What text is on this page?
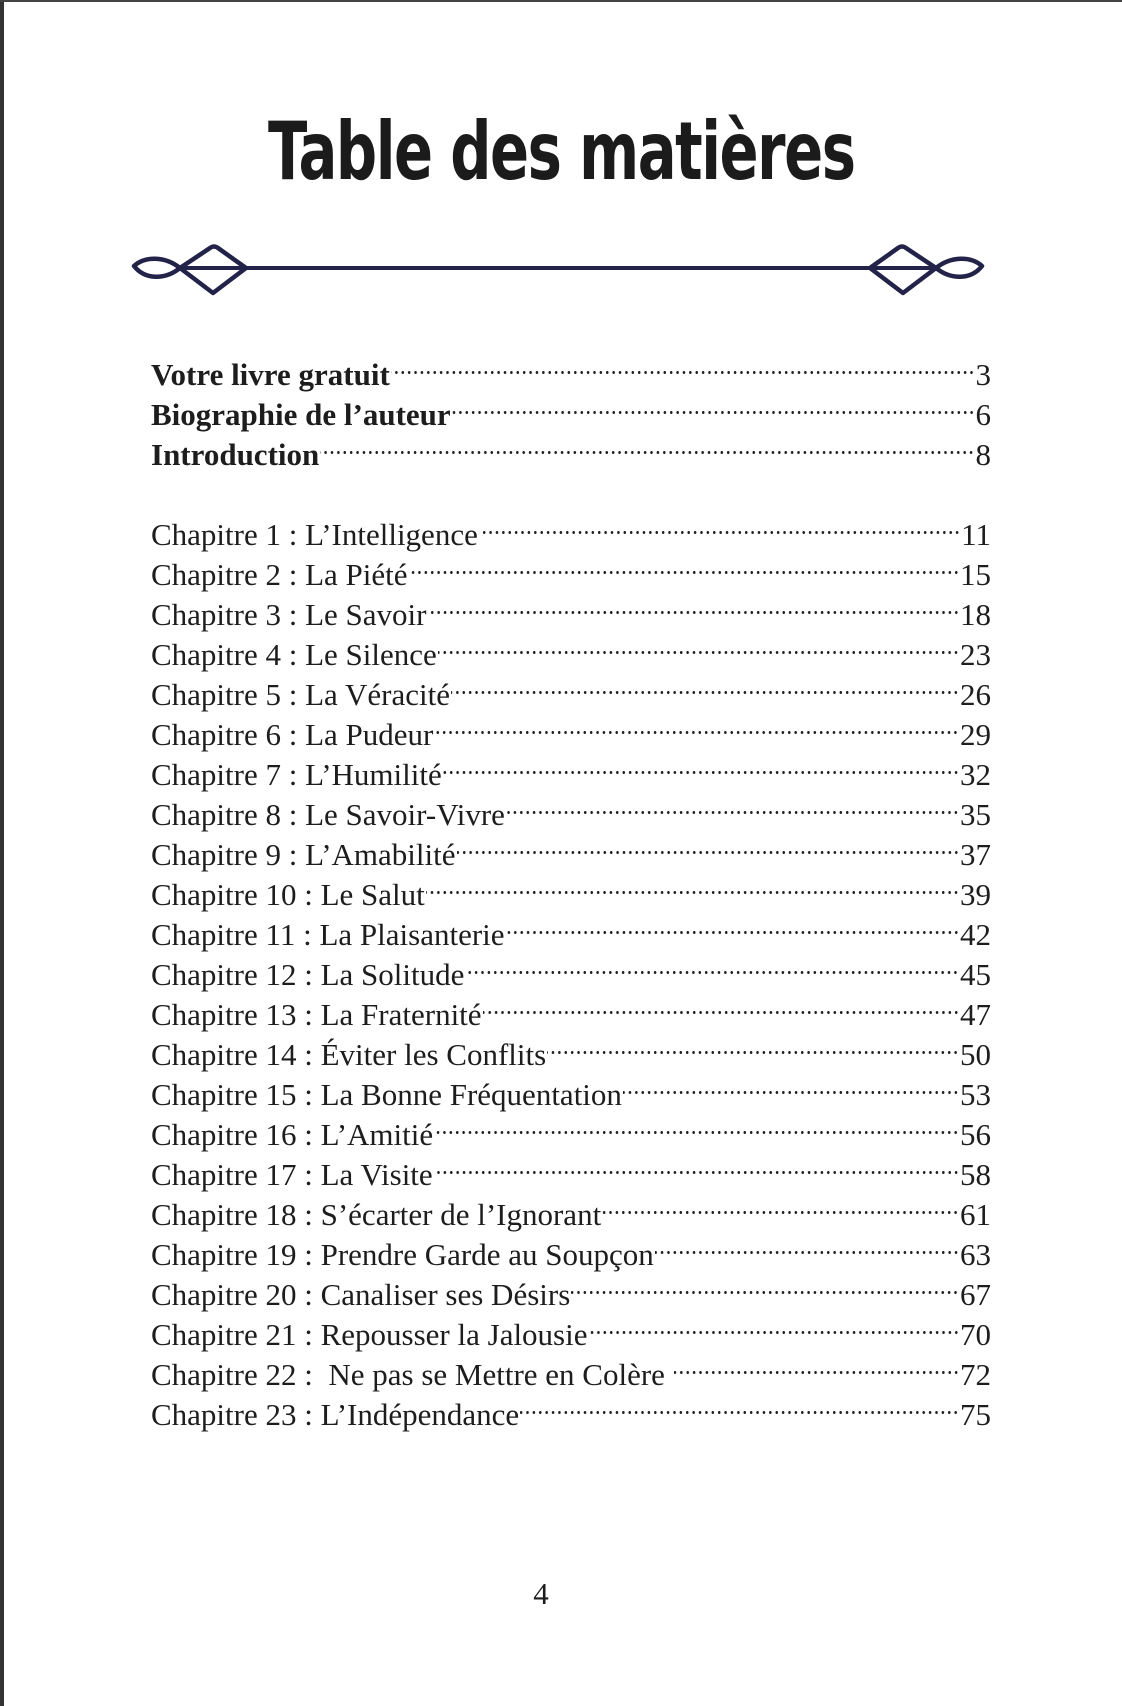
Table des matières
Votre livre gratuit	3
Biographie de l’auteur	6
Introduction	8
Chapitre 1 : L’Intelligence	11
Chapitre 2 : La Piété	15
Chapitre 3 : Le Savoir	18
Chapitre 4 : Le Silence	23
Chapitre 5 : La Véracité	26
Chapitre 6 : La Pudeur	29
Chapitre 7 : L’Humilité	32
Chapitre 8 : Le Savoir-Vivre	35
Chapitre 9 : L’Amabilité	37
Chapitre 10 : Le Salut	39
Chapitre 11 : La Plaisanterie	42
Chapitre 12 : La Solitude	45
Chapitre 13 : La Fraternité	47
Chapitre 14 : Éviter les Conflits	50
Chapitre 15 : La Bonne Fréquentation	53
Chapitre 16 : L’Amitié	56
Chapitre 17 : La Visite	58
Chapitre 18 : S’écarter de l’Ignorant	61
Chapitre 19 : Prendre Garde au Soupçon	63
Chapitre 20 : Canaliser ses Désirs	67
Chapitre 21 : Repousser la Jalousie	70
Chapitre 22 :  Ne pas se Mettre en Colère	72
Chapitre 23 : L’Indépendance	75
4
